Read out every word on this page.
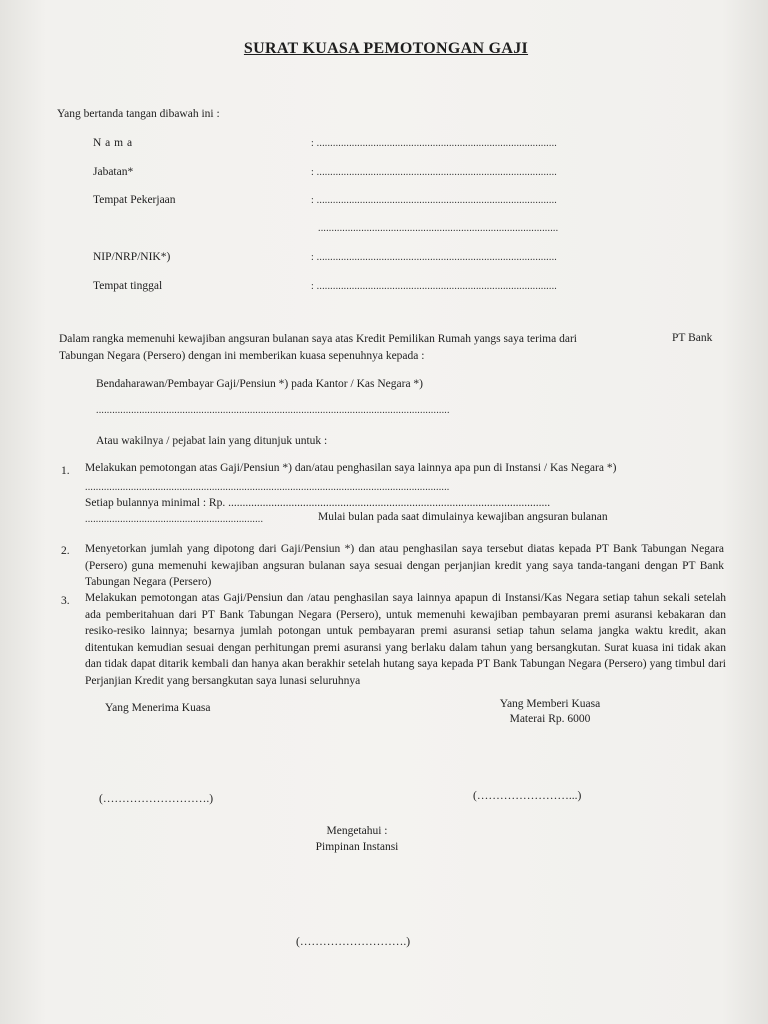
SURAT KUASA PEMOTONGAN GAJI
Yang bertanda tangan dibawah ini :
N a m a	: .........................................................................................
Jabatan*	: .........................................................................................
Tempat Pekerjaan	: .........................................................................................
.........................................................................................
NIP/NRP/NIK*)	: .........................................................................................
Tempat tinggal	: .........................................................................................
Dalam rangka memenuhi kewajiban angsuran bulanan saya atas Kredit Pemilikan Rumah yangs saya terima dari	PT Bank
Tabungan Negara (Persero) dengan ini memberikan kuasa sepenuhnya kepada :
Bendaharawan/Pembayar Gaji/Pensiun *) pada Kantor / Kas Negara *)
...................................................................................................................................
Atau wakilnya / pejabat lain yang ditunjuk untuk :
1. Melakukan pemotongan atas Gaji/Pensiun *) dan/atau penghasilan saya lainnya apa pun di Instansi / Kas Negara *)
.......................................................................................................................................
Setiap bulannya minimal : Rp. ................................................................................................................
..................................................................	Mulai bulan pada saat dimulainya kewajiban angsuran bulanan
2. Menyetorkan jumlah yang dipotong dari Gaji/Pensiun *) dan atau penghasilan saya tersebut diatas kepada PT Bank Tabungan Negara (Persero) guna memenuhi kewajiban angsuran bulanan saya sesuai dengan perjanjian kredit yang saya tanda-tangani dengan PT Bank Tabungan Negara (Persero)
3. Melakukan pemotongan atas Gaji/Pensiun dan /atau penghasilan saya lainnya apapun di Instansi/Kas Negara setiap tahun sekali setelah ada pemberitahuan dari PT Bank Tabungan Negara (Persero), untuk memenuhi kewajiban pembayaran premi asuransi kebakaran dan resiko-resiko lainnya; besarnya jumlah potongan untuk pembayaran premi asuransi setiap tahun selama jangka waktu kredit, akan ditentukan kemudian sesuai dengan perhitungan premi asuransi yang berlaku dalam tahun yang bersangkutan. Surat kuasa ini tidak akan dan tidak dapat ditarik kembali dan hanya akan berakhir setelah hutang saya kepada PT Bank Tabungan Negara (Persero) yang timbul dari Perjanjian Kredit yang bersangkutan saya lunasi seluruhnya
Yang Menerima Kuasa	Yang Memberi Kuasa
Materai Rp. 6000
(……………………….)	(……………………...)
Mengetahui :
Pimpinan Instansi
(……………………….)
